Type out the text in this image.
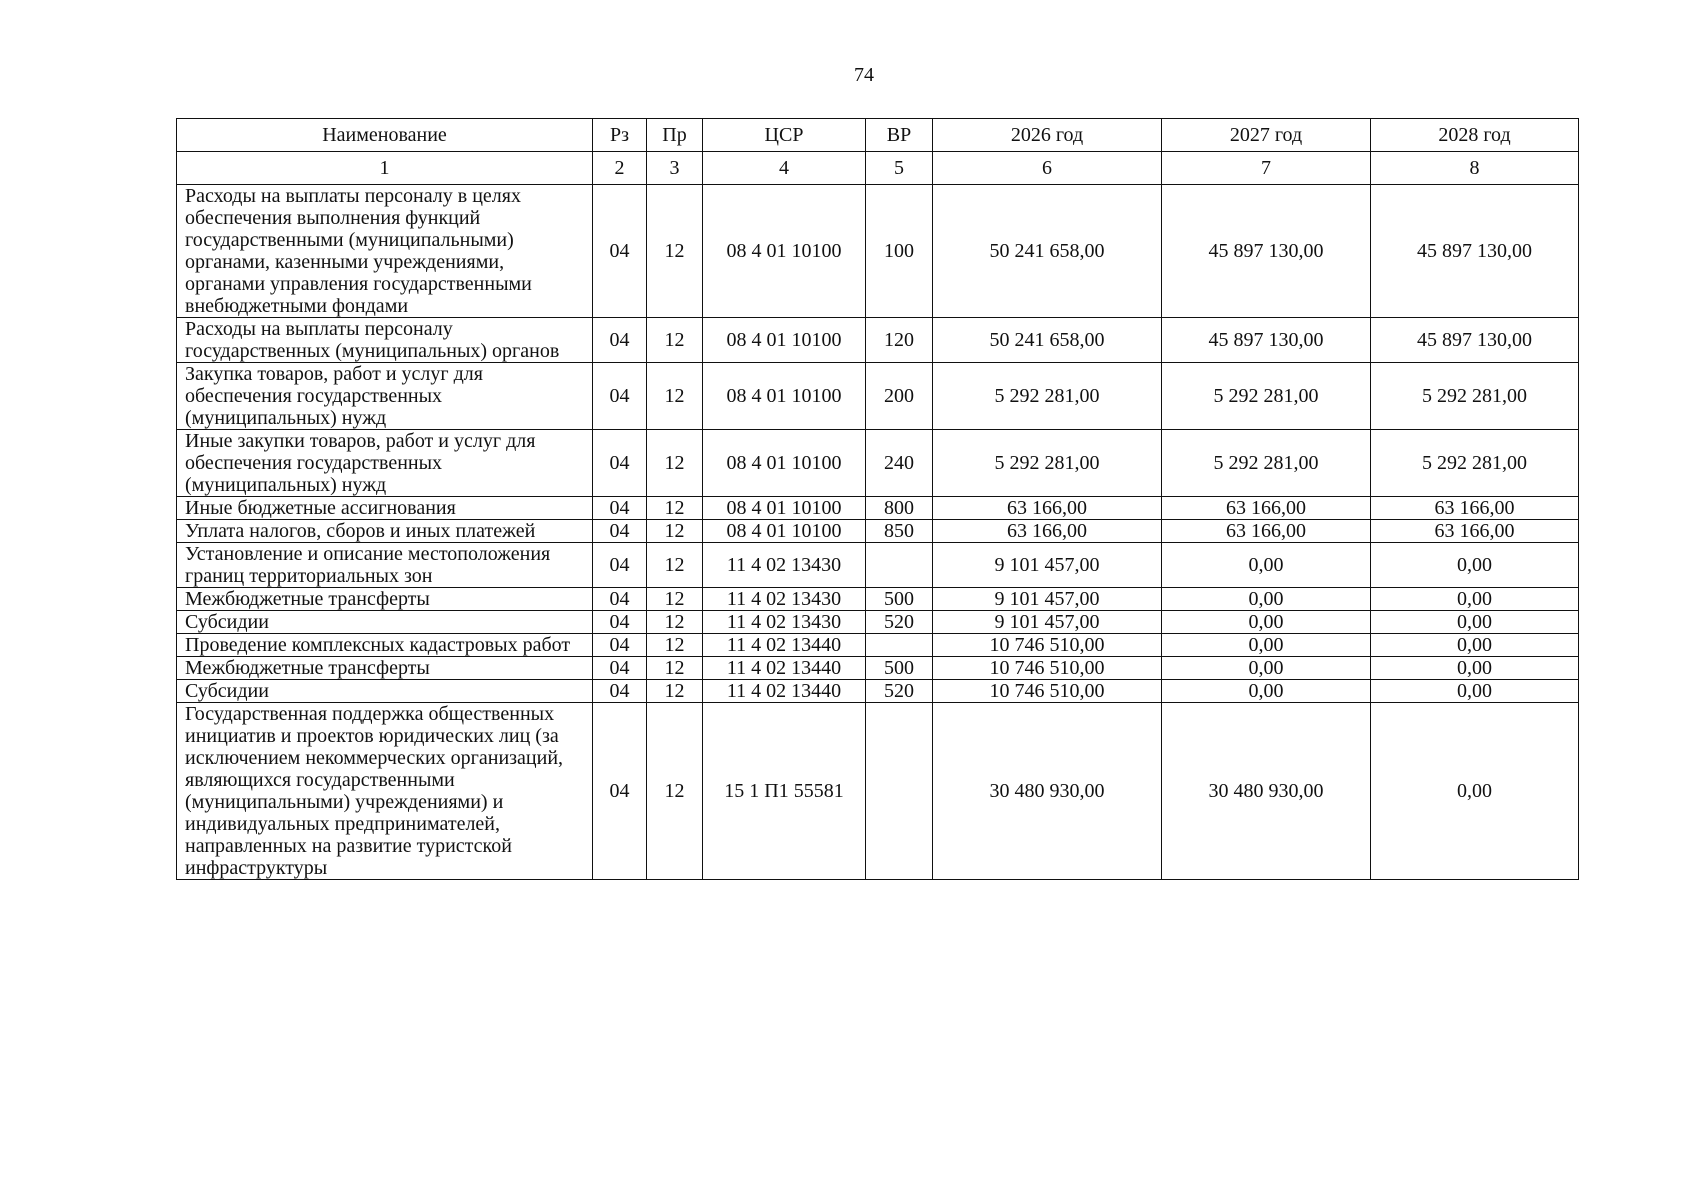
74
Наименование	Рз	Пр	ЦСР	ВР	2026 год	2027 год	2028 год
1	2	3	4	5	6	7	8
Расходы на выплаты персоналу в целях обеспечения выполнения функций государственными (муниципальными) органами, казенными учреждениями, органами управления государственными внебюджетными фондами	04	12	08 4 01 10100	100	50 241 658,00	45 897 130,00	45 897 130,00
Расходы на выплаты персоналу государственных (муниципальных) органов	04	12	08 4 01 10100	120	50 241 658,00	45 897 130,00	45 897 130,00
Закупка товаров, работ и услуг для обеспечения государственных (муниципальных) нужд	04	12	08 4 01 10100	200	5 292 281,00	5 292 281,00	5 292 281,00
Иные закупки товаров, работ и услуг для обеспечения государственных (муниципальных) нужд	04	12	08 4 01 10100	240	5 292 281,00	5 292 281,00	5 292 281,00
Иные бюджетные ассигнования	04	12	08 4 01 10100	800	63 166,00	63 166,00	63 166,00
Уплата налогов, сборов и иных платежей	04	12	08 4 01 10100	850	63 166,00	63 166,00	63 166,00
Установление и описание местоположения границ территориальных зон	04	12	11 4 02 13430		9 101 457,00	0,00	0,00
Межбюджетные трансферты	04	12	11 4 02 13430	500	9 101 457,00	0,00	0,00
Субсидии	04	12	11 4 02 13430	520	9 101 457,00	0,00	0,00
Проведение комплексных кадастровых работ	04	12	11 4 02 13440		10 746 510,00	0,00	0,00
Межбюджетные трансферты	04	12	11 4 02 13440	500	10 746 510,00	0,00	0,00
Субсидии	04	12	11 4 02 13440	520	10 746 510,00	0,00	0,00
Государственная поддержка общественных инициатив и проектов юридических лиц (за исключением некоммерческих организаций, являющихся государственными (муниципальными) учреждениями) и индивидуальных предпринимателей, направленных на развитие туристской инфраструктуры	04	12	15 1 П1 55581		30 480 930,00	30 480 930,00	0,00
